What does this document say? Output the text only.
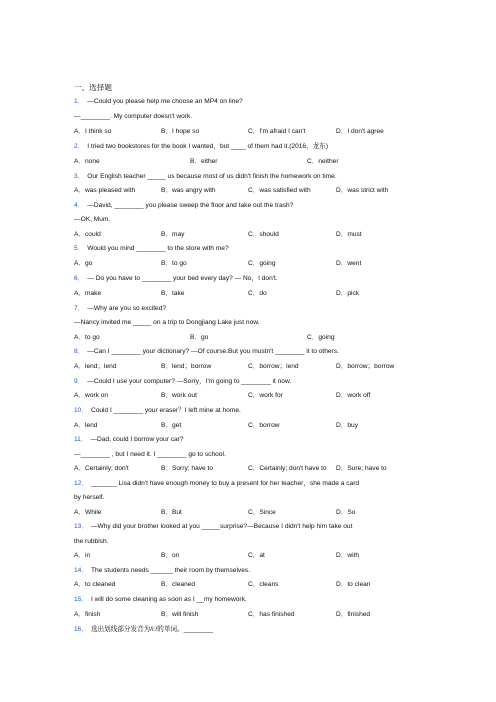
一、选择题
1． —Could you please help me choose an MP4 on line?
—________. My computer doesn't work.
A．I think so	B．I hope so	C．I'm afraid I can't	D．I don't agree
2． I tried two bookstores for the book I wanted，but ____ of them had it.(2016，龙东)
A．none	B．either	C．neither
3． Our English teacher _____ us because most of us didn't finish the homework on time.
A．was pleased with	B．was angry with	C．was satisfied with	D．was strict with
4． —David, ________ you please sweep the floor and take out the trash?
—OK, Mum.
A．could	B．may	C．should	D．must
5． Would you mind ________ to the store with me?
A．go	B．to go	C．going	D．went
6． — Do you have to ________ your bed every day? — No，I don't.
A．make	B．take	C．do	D．pick
7． —Why are you so excited?
—Nancy invited me _____ on a trip to Dongjiang Lake just now.
A．to go	B．go	C．going
8． —Can I ________ your dictionary? —Of course.But you mustn't ________ it to others.
A．lend；lend	B．lend；borrow	C．borrow；lend	D．borrow；borrow
9． —Could I use your computer? —Sorry，I'm going to ________ it now.
A．work on	B．work out	C．work for	D．work off
10． Could I ________ your eraser？I left mine at home.
A．lend	B．get	C．borrow	D．buy
11． —Dad, could I borrow your car?
—________ , but I need it. I ________ go to school.
A．Certainly; don't	B．Sorry; have to	C．Certainly; don't have to D．Sure; have to
12． _______ Lisa didn't have enough money to buy a present for her teacher，she made a card
by herself.
A．While	B．But	C．Since	D．So
13． —Why did your brother looked at you _____surprise?—Because I didn't help him take out
the rubbish.
A．in	B．on	C．at	D．with
14． The students needs ______ their room by themselves.
A．to cleaned	B．cleaned	C．cleans	D．to clean
15． I will do some cleaning as soon as I __my homework.
A．finish	B．will finish	C．has finished	D．finished
16． 选出划线部分发音为/iː/的单词。________
